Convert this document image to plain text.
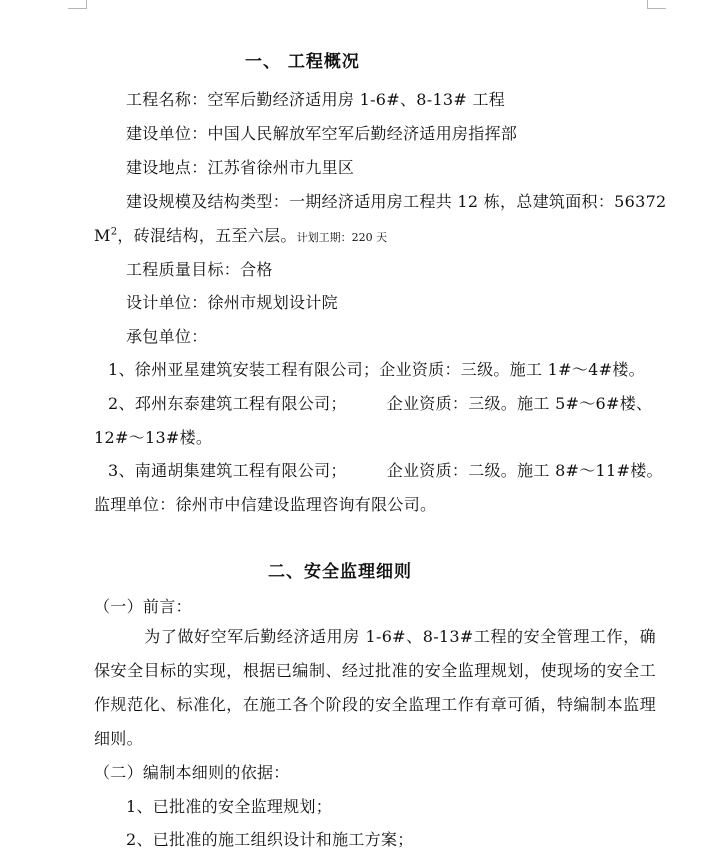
一、 工程概况
工程名称：空军后勤经济适用房 1-6#、8-13# 工程
建设单位：中国人民解放军空军后勤经济适用房指挥部
建设地点：江苏省徐州市九里区
建设规模及结构类型：一期经济适用房工程共 12 栋，总建筑面积：56372
$M^2$，砖混结构，五至六层。计划工期：220 天
工程质量目标：合格
设计单位：徐州市规划设计院
承包单位：
1、徐州亚星建筑安装工程有限公司；企业资质：三级。施工 1#～4#楼。
2、邳州东泰建筑工程有限公司；	企业资质：三级。施工 5#～6#楼、
12#～13#楼。
3、南通胡集建筑工程有限公司；	企业资质：二级。施工 8#～11#楼。
监理单位：徐州市中信建设监理咨询有限公司。
二、安全监理细则
（一）前言：
为了做好空军后勤经济适用房 1-6#、8-13#工程的安全管理工作，确保安全目标的实现，根据已编制、经过批准的安全监理规划，使现场的安全工作规范化、标准化，在施工各个阶段的安全监理工作有章可循，特编制本监理细则。
（二）编制本细则的依据：
1、已批准的安全监理规划；
2、已批准的施工组织设计和施工方案；
